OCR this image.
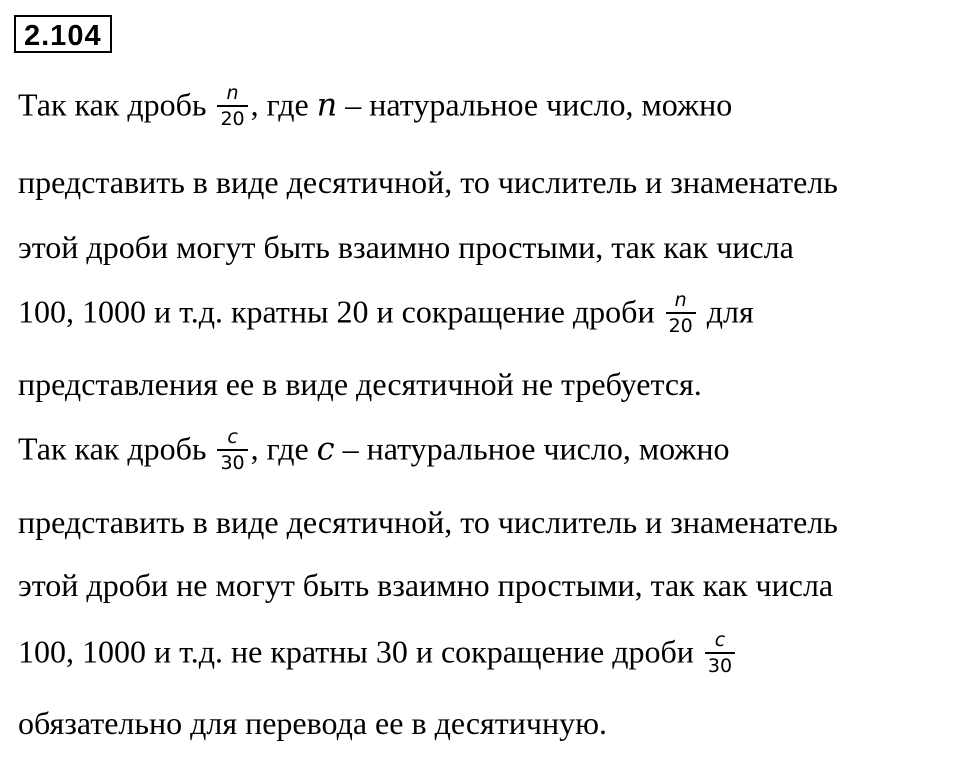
2.104
Так как дробь $\frac{n}{20}$ , где n – натуральное число, можно
представить в виде десятичной, то числитель и знаменатель
этой дроби могут быть взаимно простыми, так как числа
100, 1000 и т.д. кратны 20 и сокращение дроби $\frac{n}{20}$ для
представления ее в виде десятичной не требуется.
Так как дробь $\frac{c}{30}$ , где c – натуральное число, можно
представить в виде десятичной, то числитель и знаменатель
этой дроби не могут быть взаимно простыми, так как числа
100, 1000 и т.д. не кратны 30 и сокращение дроби $\frac{c}{30}$
обязательно для перевода ее в десятичную.
